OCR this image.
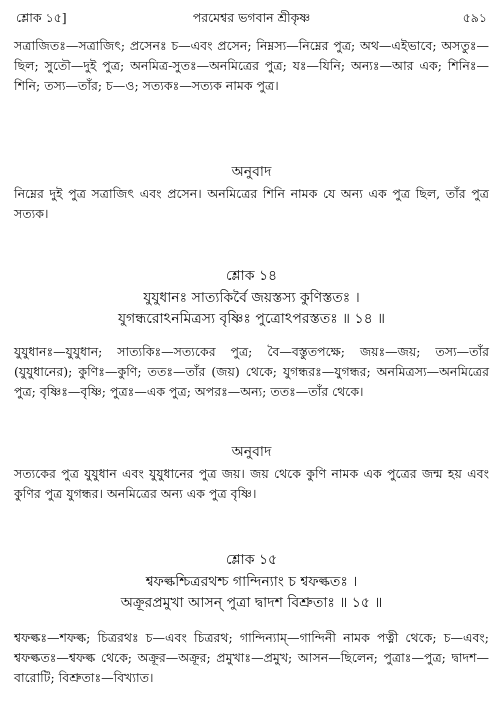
শ্লোক ১৫]	পরমেশ্বর ভগবান শ্রীকৃষ্ণ	৫৯১

সত্রাজিতঃ—সত্রাজিৎ; প্রসেনঃ চ—এবং প্রসেন; নিম্নস্য—নিম্নের পুত্র; অথ—এইভাবে; অসতুঃ—ছিল; সুতৌ—দুই পুত্র; অনমিত্র-সুতঃ—অনমিত্রের পুত্র; যঃ—যিনি; অন্যঃ—আর এক; শিনিঃ—শিনি; তস্য—তাঁর; চ—ও; সত্যকঃ—সত্যক নামক পুত্র।

অনুবাদ

নিম্নের দুই পুত্র সত্রাজিৎ এবং প্রসেন। অনমিত্রের শিনি নামক যে অন্য এক পুত্র ছিল, তাঁর পুত্র সত্যক।

শ্লোক ১৪
যুযুধানঃ সাত্যকির্বৈ জয়স্তস্য কুণিস্ততঃ ।
যুগন্ধরোঽনমিত্রস্য বৃষ্ণিঃ পুত্রোঽপরস্ততঃ ॥ ১৪ ॥

যুযুধানঃ—যুযুধান; সাত্যকিঃ—সত্যকের পুত্র; বৈ—বস্তুতপক্ষে; জয়ঃ—জয়; তস্য—তাঁর (যুযুধানের); কুণিঃ—কুণি; ততঃ—তাঁর (জয়) থেকে; যুগন্ধরঃ—যুগন্ধর; অনমিত্রস্য—অনমিত্রের পুত্র; বৃষ্ণিঃ—বৃষ্ণি; পুত্রঃ—এক পুত্র; অপরঃ—অন্য; ততঃ—তাঁর থেকে।

অনুবাদ

সত্যকের পুত্র যুযুধান এবং যুযুধানের পুত্র জয়। জয় থেকে কুণি নামক এক পুত্রের জন্ম হয় এবং কুণির পুত্র যুগন্ধর। অনমিত্রের অন্য এক পুত্র বৃষ্ণি।

শ্লোক ১৫
শ্বফল্কশ্চিত্ররথশ্চ গান্দিন্যাং চ শ্বফল্কতঃ ।
অক্রূরপ্রমুখা আসন্ পুত্রা দ্বাদশ বিশ্রুতাঃ ॥ ১৫ ॥

শ্বফল্কঃ—শফল্ক; চিত্ররথঃ চ—এবং চিত্ররথ; গান্দিন্যাম্—গান্দিনী নামক পত্নী থেকে; চ—এবং; শ্বফল্কতঃ—শ্বফল্ক থেকে; অক্রূর—অক্রূর; প্রমুখাঃ—প্রমুখ; আসন—ছিলেন; পুত্রাঃ—পুত্র; দ্বাদশ—বারোটি; বিশ্রুতাঃ—বিখ্যাত।
